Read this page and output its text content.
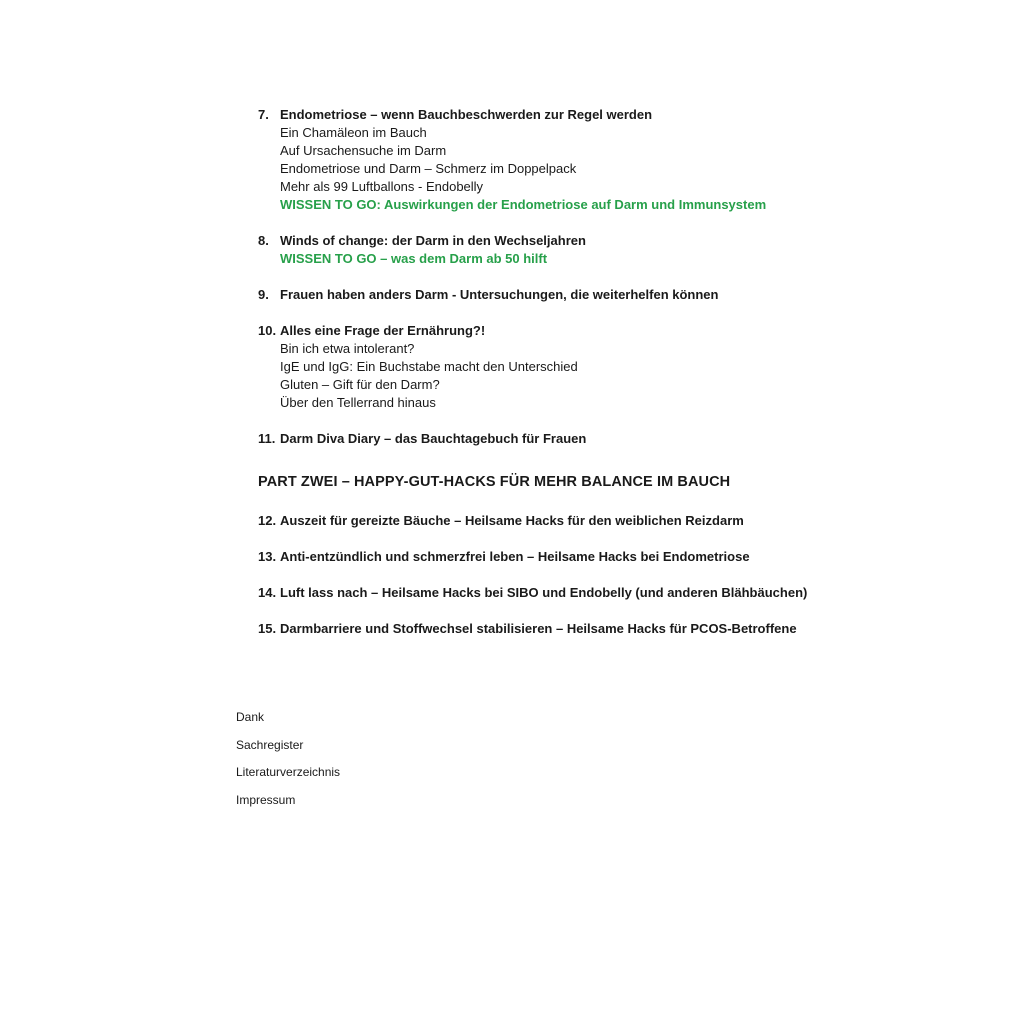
7. Endometriose – wenn Bauchbeschwerden zur Regel werden
Ein Chamäleon im Bauch
Auf Ursachensuche im Darm
Endometriose und Darm – Schmerz im Doppelpack
Mehr als 99 Luftballons - Endobelly
WISSEN TO GO: Auswirkungen der Endometriose auf Darm und Immunsystem
8. Winds of change: der Darm in den Wechseljahren
WISSEN TO GO – was dem Darm ab 50 hilft
9. Frauen haben anders Darm - Untersuchungen, die weiterhelfen können
10. Alles eine Frage der Ernährung?!
Bin ich etwa intolerant?
IgE und IgG: Ein Buchstabe macht den Unterschied
Gluten – Gift für den Darm?
Über den Tellerrand hinaus
11. Darm Diva Diary – das Bauchtagebuch für Frauen
PART ZWEI – HAPPY-GUT-HACKS FÜR MEHR BALANCE IM BAUCH
12. Auszeit für gereizte Bäuche – Heilsame Hacks für den weiblichen Reizdarm
13. Anti-entzündlich und schmerzfrei leben – Heilsame Hacks bei Endometriose
14. Luft lass nach – Heilsame Hacks bei SIBO und Endobelly (und anderen Blähbäuchen)
15. Darmbarriere und Stoffwechsel stabilisieren – Heilsame Hacks für PCOS-Betroffene
Dank
Sachregister
Literaturverzeichnis
Impressum
